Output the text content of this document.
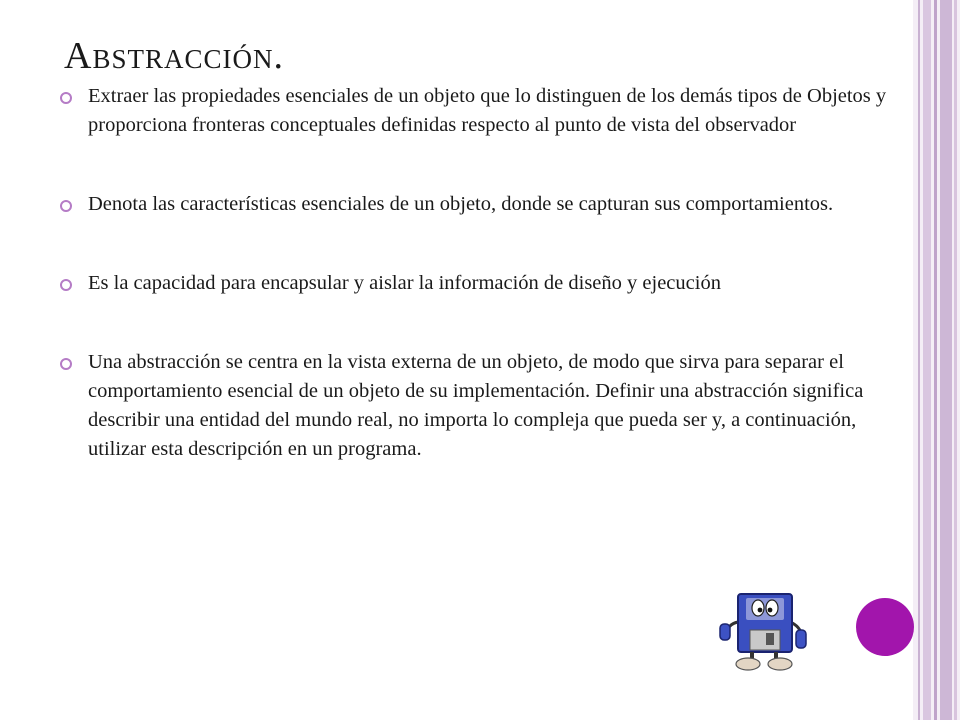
Abstracción.
Extraer las propiedades esenciales de un objeto que lo distinguen de los demás tipos de Objetos y proporciona fronteras conceptuales definidas respecto al punto de vista del observador
Denota las características esenciales de un objeto, donde se capturan sus comportamientos.
Es la capacidad para encapsular y aislar la información de diseño y ejecución
Una abstracción se centra en la vista externa de un objeto, de modo que sirva para separar el comportamiento esencial de un objeto de su implementación. Definir una abstracción significa describir una entidad del mundo real, no importa lo compleja que pueda ser y, a continuación, utilizar esta descripción en un programa.
